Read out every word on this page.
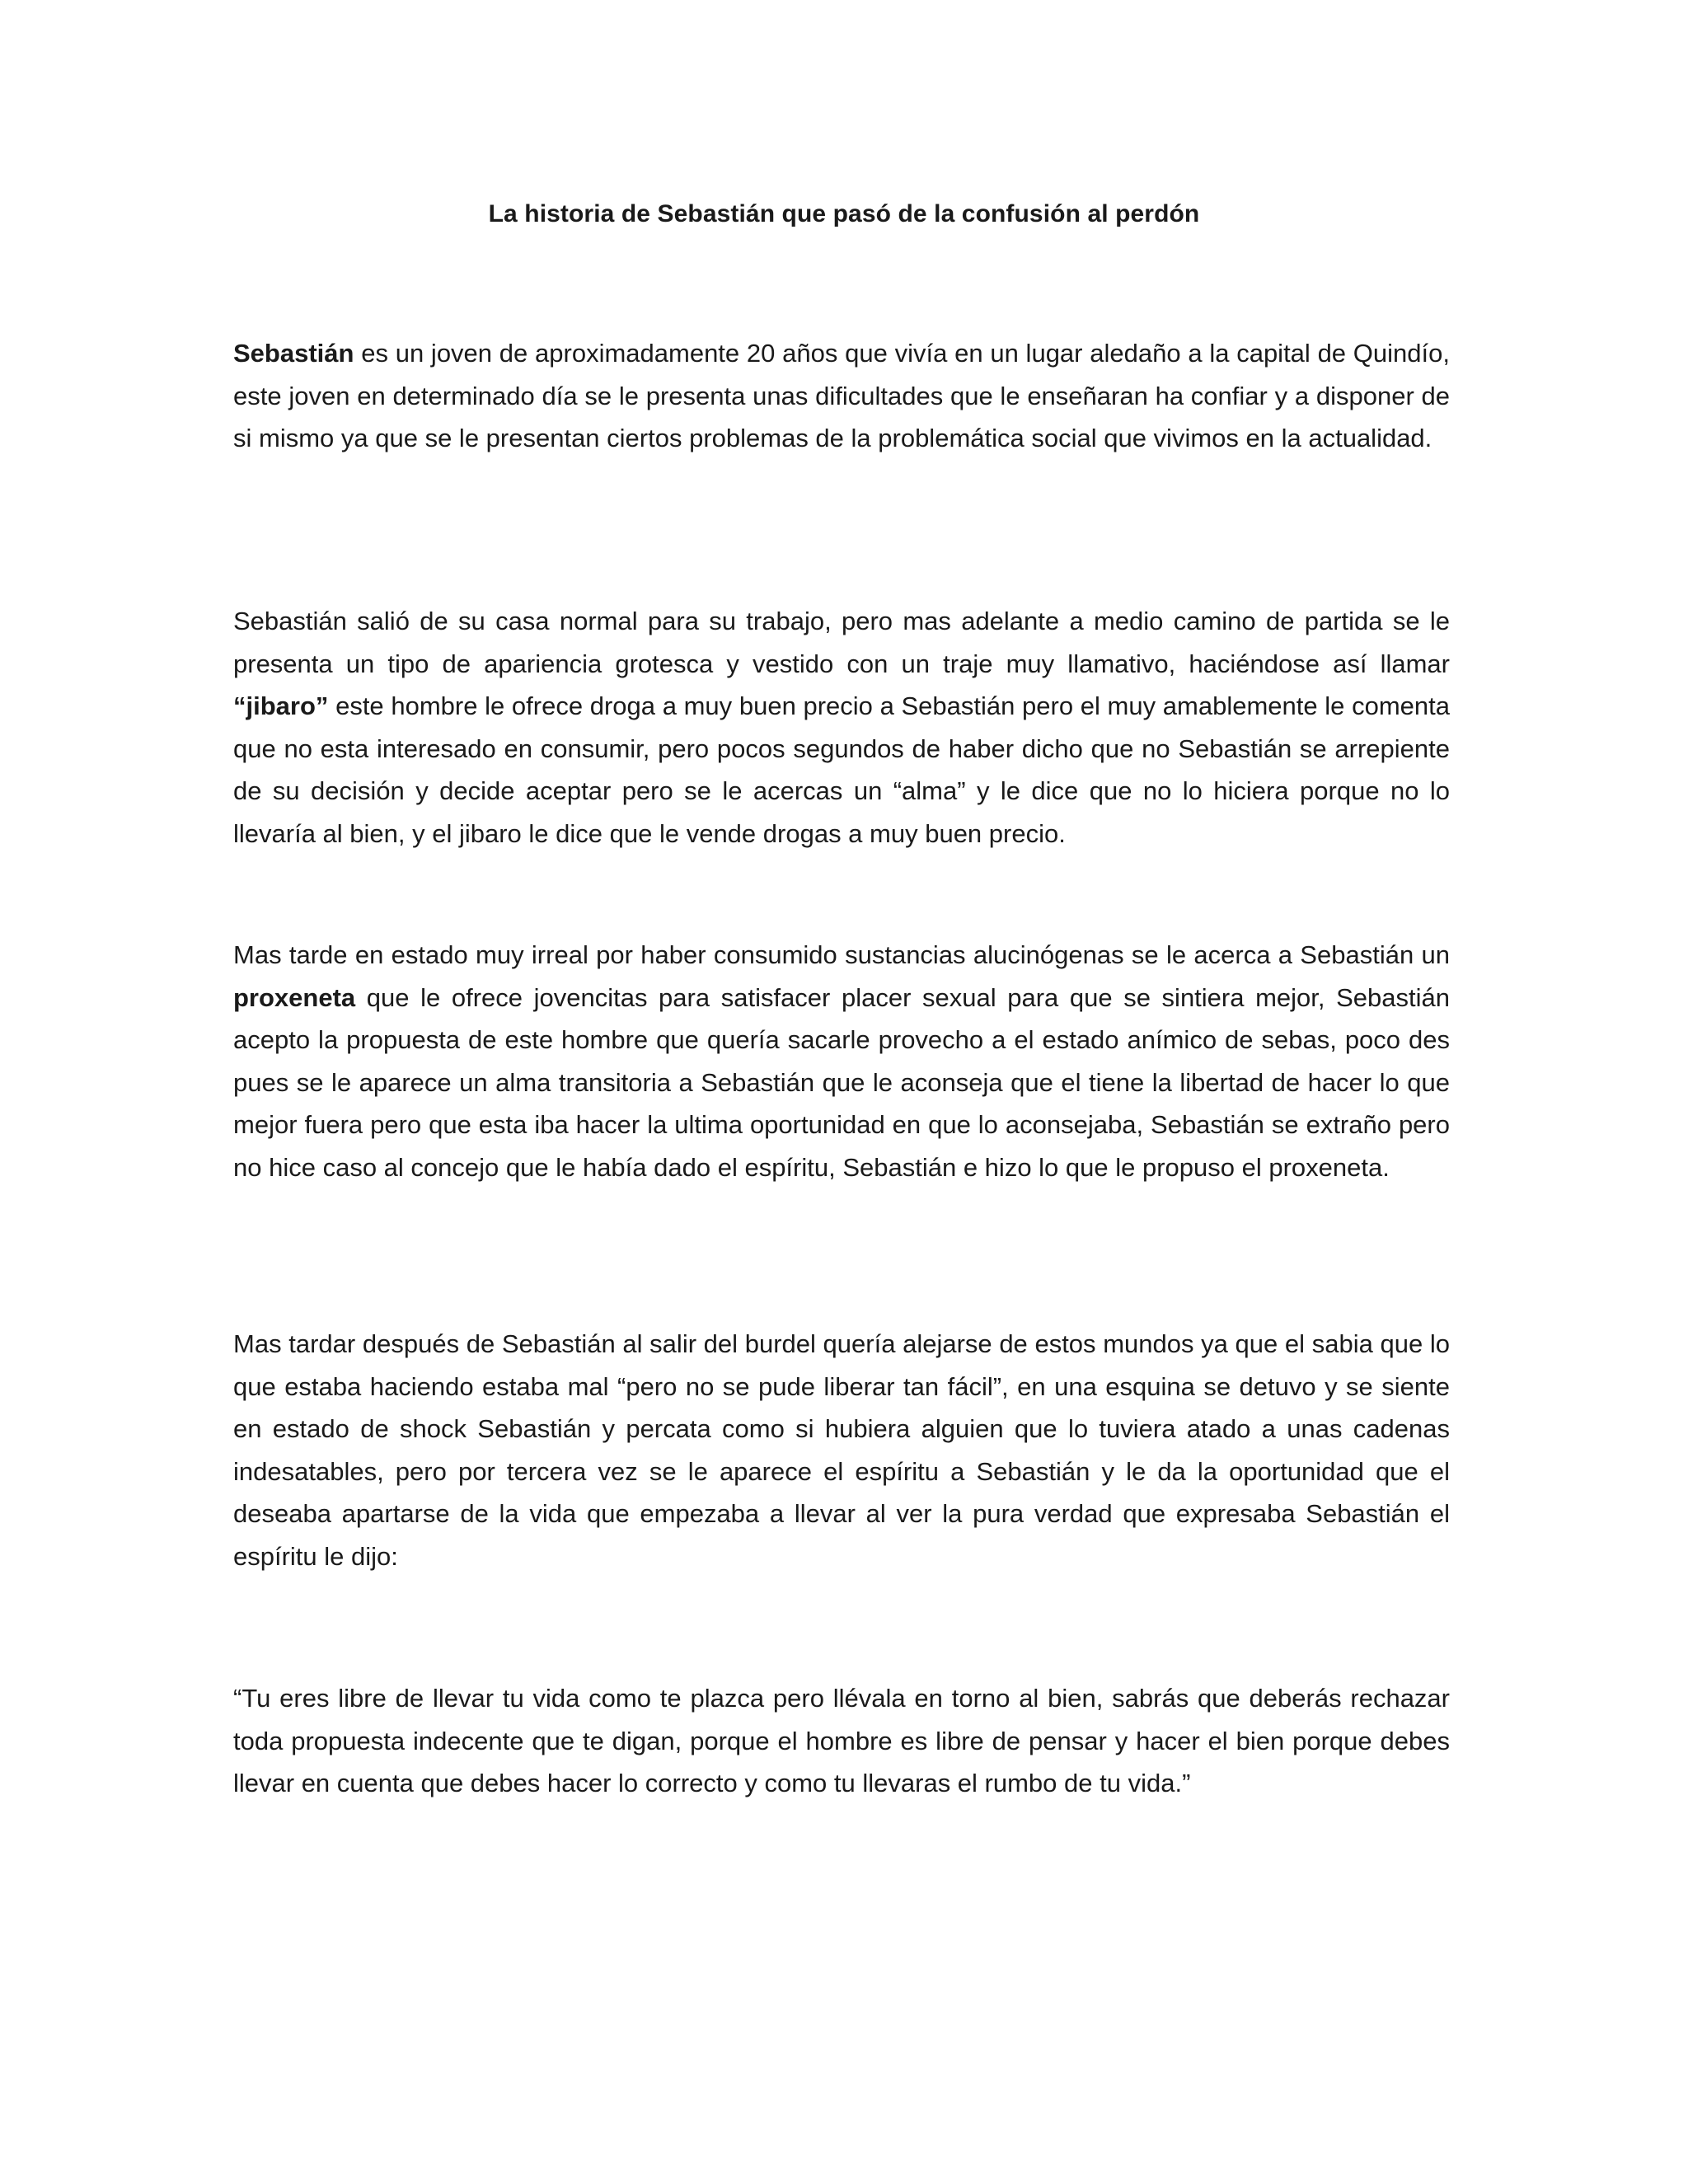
La historia de Sebastián que pasó de la confusión al perdón

Sebastián es un joven de aproximadamente 20 años que vivía en un lugar aledaño a la capital de Quindío, este joven en determinado día se le presenta unas dificultades que le enseñaran ha confiar y a disponer de si mismo ya que se le presentan ciertos problemas de la problemática social que vivimos en la actualidad.

Sebastián salió de su casa normal para su trabajo, pero mas adelante a medio camino de partida se le presenta un tipo de apariencia grotesca y vestido con un traje muy llamativo, haciéndose así llamar “jibaro” este hombre le ofrece droga a muy buen precio a Sebastián pero el muy amablemente le comenta que no esta interesado en consumir, pero pocos segundos de haber dicho que no Sebastián se arrepiente de su decisión y decide aceptar pero se le acercas un “alma” y le dice que no lo hiciera porque no lo llevaría al bien, y el jibaro le dice que le vende drogas a muy buen precio.

Mas tarde en estado muy irreal por haber consumido sustancias alucinógenas se le acerca a Sebastián un proxeneta que le ofrece jovencitas para satisfacer placer sexual para que se sintiera mejor, Sebastián acepto la propuesta de este hombre que quería sacarle provecho a el estado anímico de sebas, poco des pues se le aparece un alma transitoria a Sebastián que le aconseja que el tiene la libertad de hacer lo que mejor fuera pero que esta iba hacer la ultima oportunidad en que lo aconsejaba, Sebastián se extraño pero no hice caso al concejo que le había dado el espíritu, Sebastián e hizo lo que le propuso el proxeneta.

Mas tardar después de Sebastián al salir del burdel quería alejarse de estos mundos ya que el sabia que lo que estaba haciendo estaba mal “pero no se pude liberar tan fácil”, en una esquina se detuvo y se siente en estado de shock Sebastián y percata como si hubiera alguien que lo tuviera atado a unas cadenas indesatables, pero por tercera vez se le aparece el espíritu a Sebastián y le da la oportunidad que el deseaba apartarse de la vida que empezaba a llevar al ver la pura verdad que expresaba Sebastián el espíritu le dijo:

“Tu eres libre de llevar tu vida como te plazca pero llévala en torno al bien, sabrás que deberás rechazar toda propuesta indecente que te digan, porque el hombre es libre de pensar y hacer el bien porque debes llevar en cuenta que debes hacer lo correcto y como tu llevaras el rumbo de tu vida.”
